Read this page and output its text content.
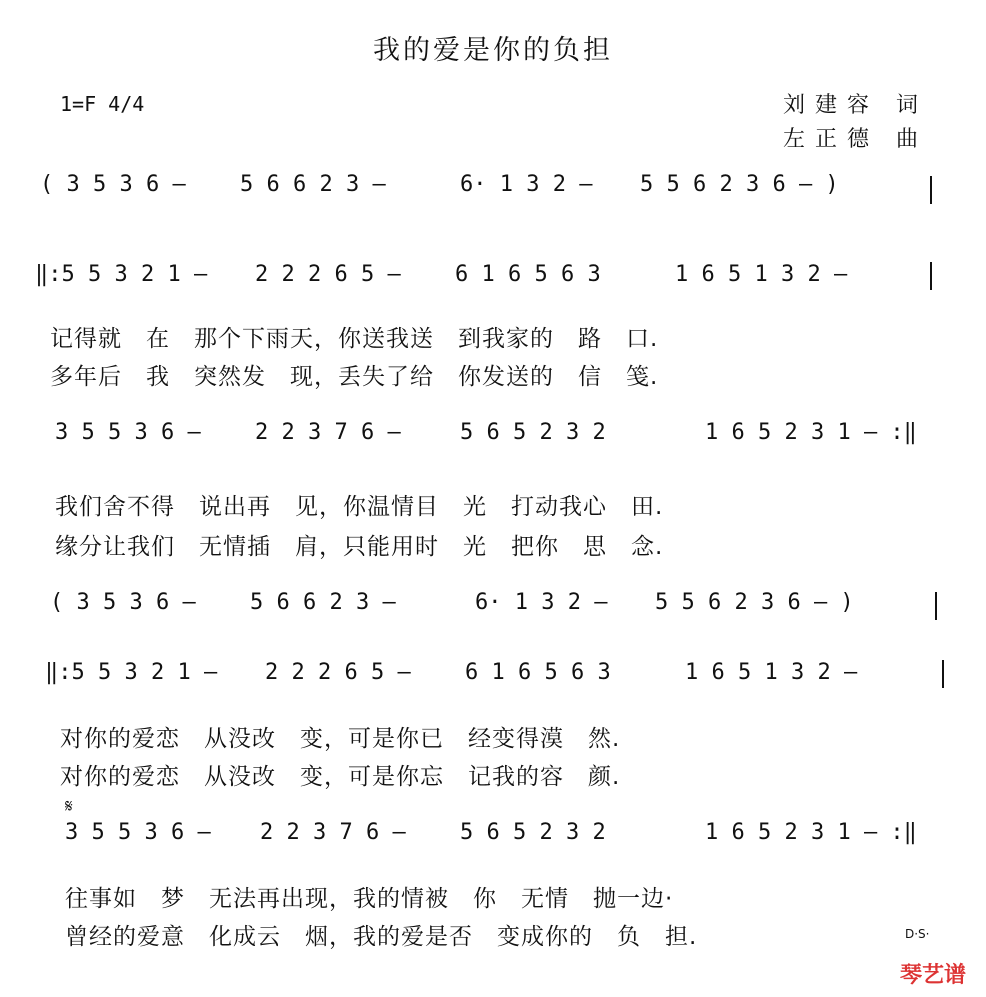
我的爱是你的负担
1=F 4/4	刘建容 词
左正德 曲
( 3 5 3 6 – 5 6 6 2 3 –	6· 1 3 2 – 5 5 6 2 3 6 – )
‖:5 5 3 2 1 – 2 2 2 6 5 – 6 1 6 5 6 3	1 6 5 1 3 2 –
记得就　在　那个下雨天，你送我送　到我家的　路　口.
多年后　我　突然发　现，丢失了给　你发送的　信　笺.
3 5 5 3 6 – 2 2 3 7 6 –	5 6 5 2 3 2	1 6 5 2 3 1 – :‖
我们舍不得　说出再　见，你温情目　光　打动我心　田.
缘分让我们　无情插　肩，只能用时　光　把你　思　念.
( 3 5 3 6 – 5 6 6 2 3 –	6· 1 3 2 – 5 5 6 2 3 6 – )
‖:5 5 3 2 1 – 2 2 2 6 5 – 6 1 6 5 6 3	1 6 5 1 3 2 –
对你的爱恋　从没改　变，可是你已　经变得漠　然.
对你的爱恋　从没改　变，可是你忘　记我的容　颜.
𝄋
3 5 5 3 6 – 2 2 3 7 6 – 5 6 5 2 3 2	1 6 5 2 3 1 – :‖
往事如　梦　无法再出现，我的情被　你　无情　抛一边·
曾经的爱意　化成云　烟，我的爱是否　变成你的　负　担.	D·S·
琴艺谱
